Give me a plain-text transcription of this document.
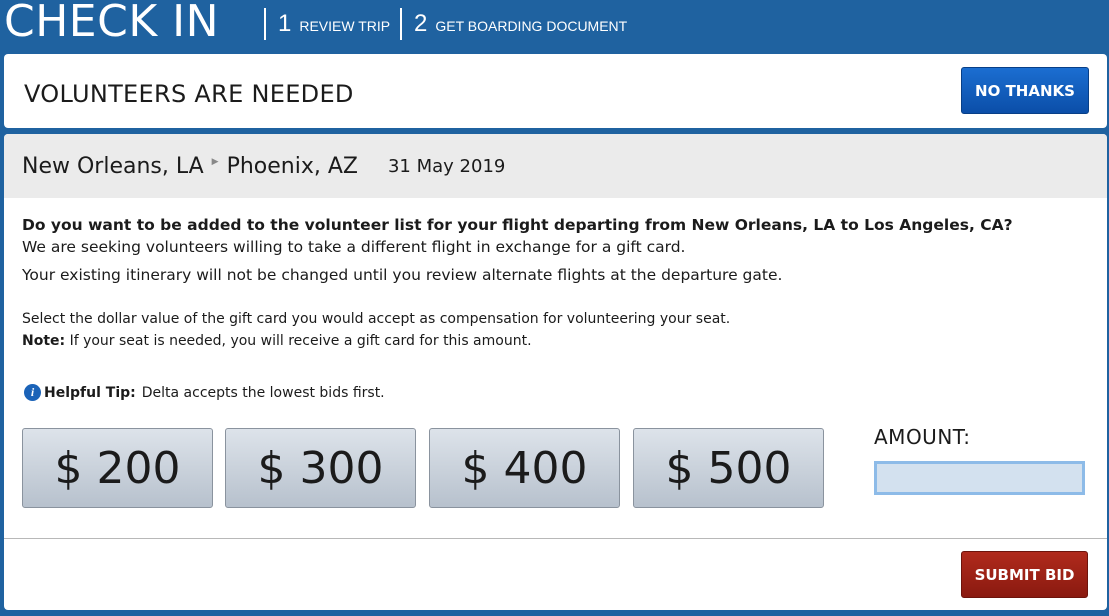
CHECK IN 1 REVIEW TRIP 2 GET BOARDING DOCUMENT
VOLUNTEERS ARE NEEDED	NO THANKS
New Orleans, LA ▶ Phoenix, AZ 31 May 2019
Do you want to be added to the volunteer list for your flight departing from New Orleans, LA to Los Angeles, CA?
We are seeking volunteers willing to take a different flight in exchange for a gift card.
Your existing itinerary will not be changed until you review alternate flights at the departure gate.
Select the dollar value of the gift card you would accept as compensation for volunteering your seat.
Note: If your seat is needed, you will receive a gift card for this amount.
i Helpful Tip: Delta accepts the lowest bids first.
$ 200	$ 300	$ 400	$ 500
AMOUNT:
SUBMIT BID
